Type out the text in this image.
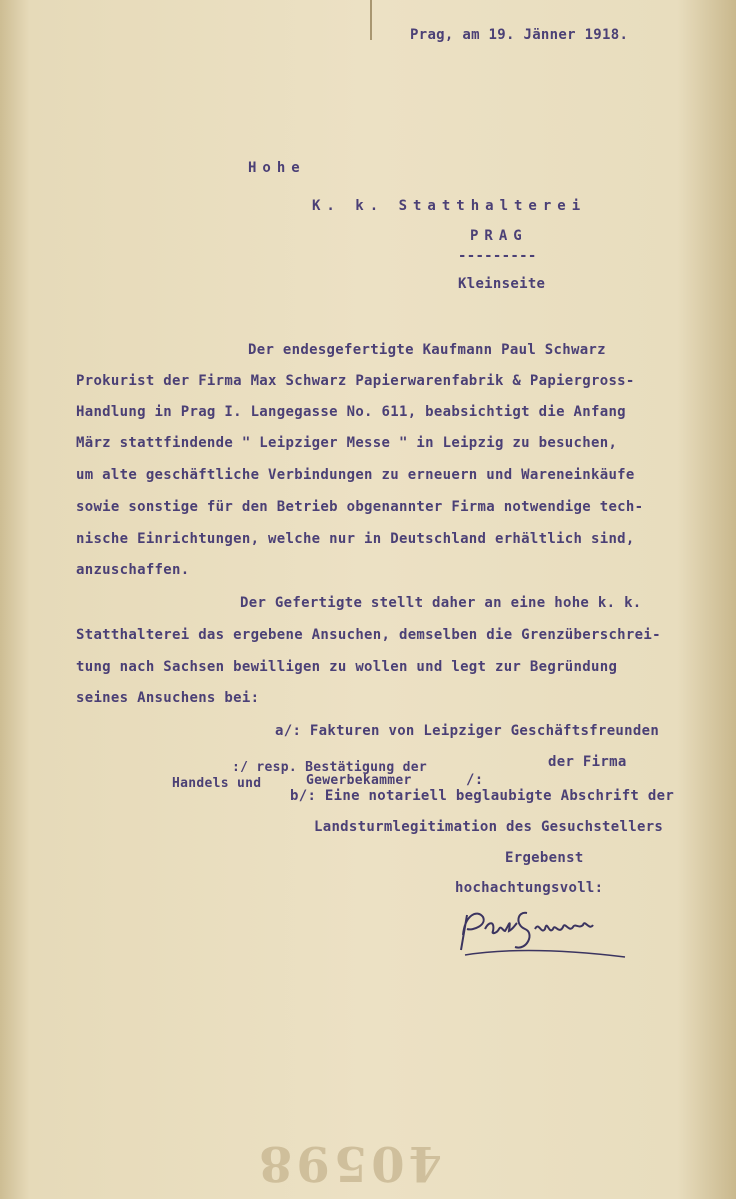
Prag, am 19. Jänner 1918.
Hohe
K. k. Statthalterei
PRAG
---------
Kleinseite
Der endesgefertigte Kaufmann Paul Schwarz
Prokurist der Firma Max Schwarz Papierwarenfabrik & Papiergross-
Handlung in Prag I. Langegasse No. 611, beabsichtigt die Anfang
März stattfindende " Leipziger Messe " in Leipzig zu besuchen,
um alte geschäftliche Verbindungen zu erneuern und Wareneinkäufe
sowie sonstige für den Betrieb obgenannter Firma notwendige tech-
nische Einrichtungen, welche nur in Deutschland erhältlich sind,
anzuschaffen.
Der Gefertigte stellt daher an eine hohe k. k.
Statthalterei das ergebene Ansuchen, demselben die Grenzüberschrei-
tung nach Sachsen bewilligen zu wollen und legt zur Begründung
seines Ansuchens bei:
a/: Fakturen von Leipziger Geschäftsfreunden
:/ resp. Bestätigung der	der Firma
Handels und	Gewerbekammer	/:
b/: Eine notariell beglaubigte Abschrift der
Landsturmlegitimation des Gesuchstellers
Ergebenst
hochachtungsvoll:
40598
